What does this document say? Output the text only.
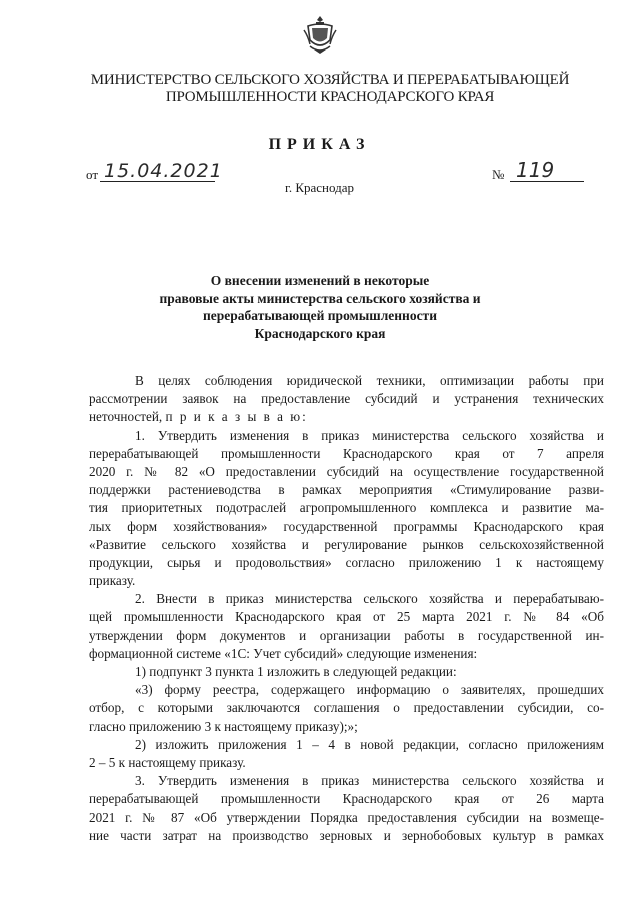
МИНИСТЕРСТВО СЕЛЬСКОГО ХОЗЯЙСТВА И ПЕРЕРАБАТЫВАЮЩЕЙ
ПРОМЫШЛЕННОСТИ КРАСНОДАРСКОГО КРАЯ
ПРИКАЗ
от 15.04.2021	№ 119
г. Краснодар
О внесении изменений в некоторые
правовые акты министерства сельского хозяйства и
перерабатывающей промышленности
Краснодарского края
В целях соблюдения юридической техники, оптимизации работы при
рассмотрении заявок на предоставление субсидий и устранения технических
неточностей, п р и к а з ы в а ю:
1. Утвердить изменения в приказ министерства сельского хозяйства и
перерабатывающей промышленности Краснодарского края от 7 апреля
2020 г. № 82 «О предоставлении субсидий на осуществление государственной
поддержки растениеводства в рамках мероприятия «Стимулирование разви-
тия приоритетных подотраслей агропромышленного комплекса и развитие ма-
лых форм хозяйствования» государственной программы Краснодарского края
«Развитие сельского хозяйства и регулирование рынков сельскохозяйственной
продукции, сырья и продовольствия» согласно приложению 1 к настоящему
приказу.
2. Внести в приказ министерства сельского хозяйства и перерабатываю-
щей промышленности Краснодарского края от 25 марта 2021 г. № 84 «Об
утверждении форм документов и организации работы в государственной ин-
формационной системе «1С: Учет субсидий» следующие изменения:
1) подпункт 3 пункта 1 изложить в следующей редакции:
«3) форму реестра, содержащего информацию о заявителях, прошедших
отбор, с которыми заключаются соглашения о предоставлении субсидии, со-
гласно приложению 3 к настоящему приказу);»;
2) изложить приложения 1 – 4 в новой редакции, согласно приложениям
2 – 5 к настоящему приказу.
3. Утвердить изменения в приказ министерства сельского хозяйства и
перерабатывающей промышленности Краснодарского края от 26 марта
2021 г. № 87 «Об утверждении Порядка предоставления субсидии на возмеще-
ние части затрат на производство зерновых и зернобобовых культур в рамках
